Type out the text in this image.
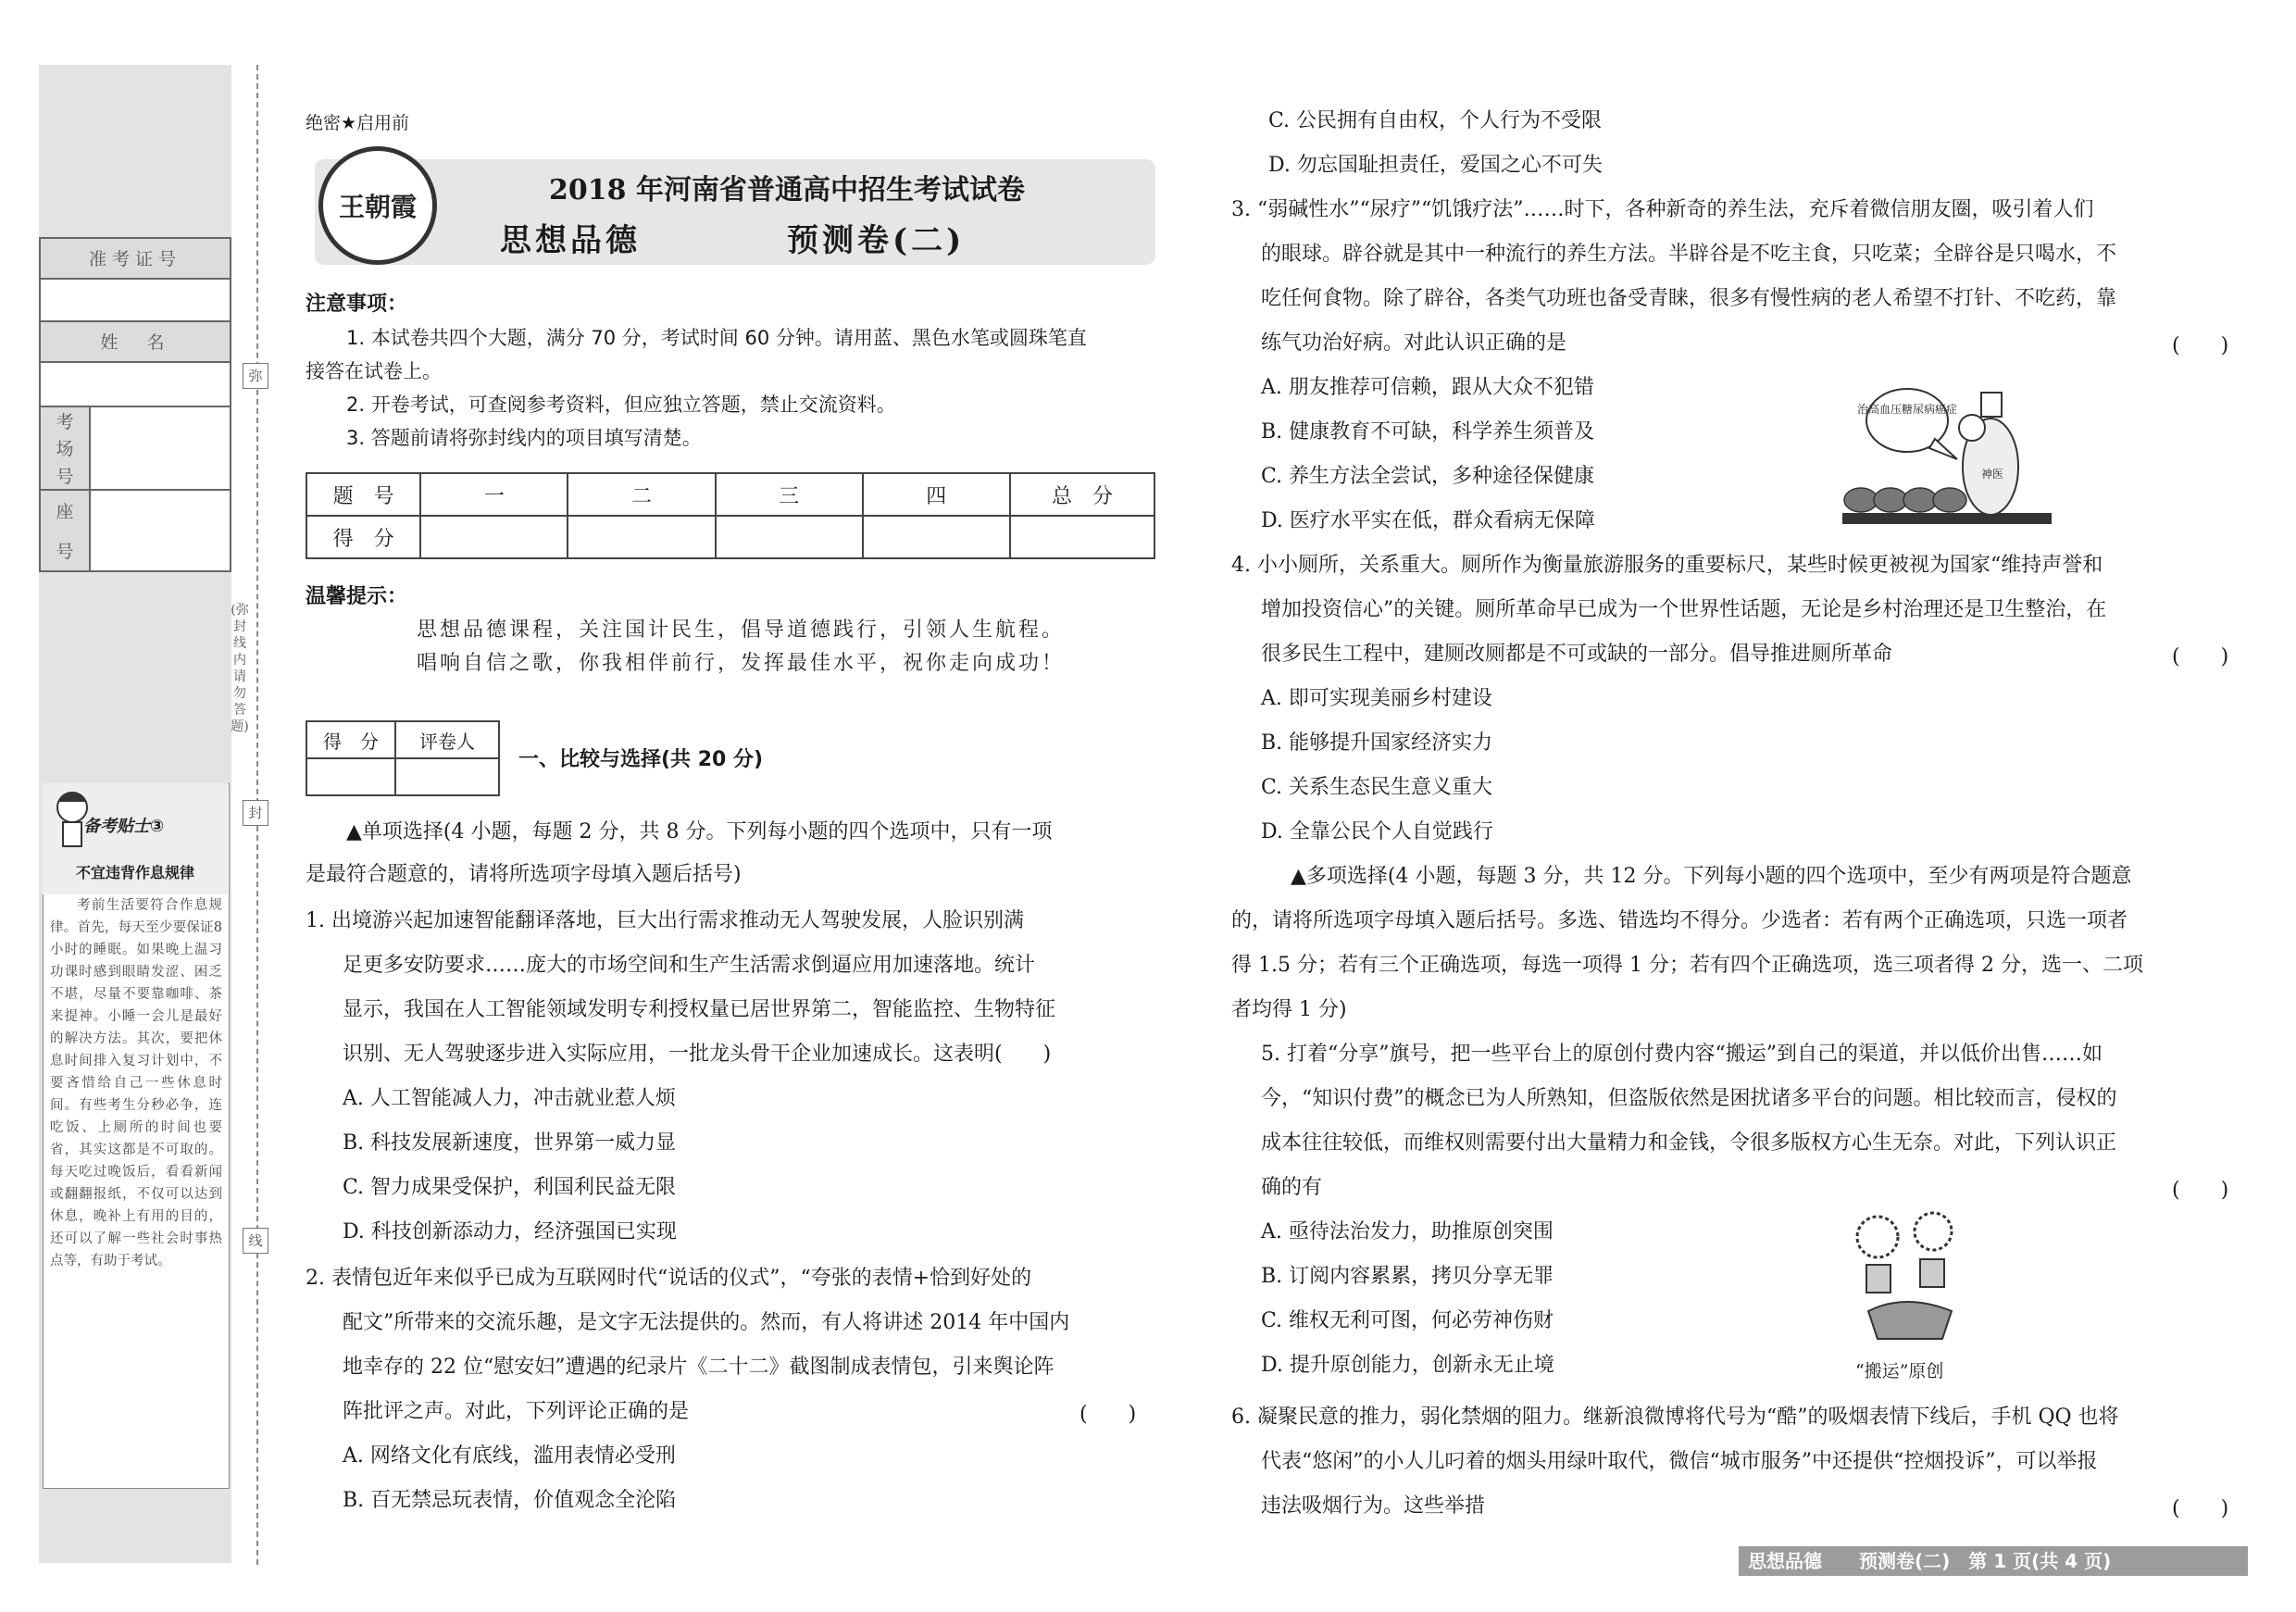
准考证号
姓　名
考
场
号
座
号
备考贴士③
不宜违背作息规律
考前生活要符合作息规律。首先，每天至少要保证8小时的睡眠。如果晚上温习功课时感到眼睛发涩、困乏不堪，尽量不要靠咖啡、茶来提神。小睡一会儿是最好的解决方法。其次，要把休息时间排入复习计划中，不要吝惜给自己一些休息时间。有些考生分秒必争，连吃饭、上厕所的时间也要省，其实这都是不可取的。每天吃过晚饭后，看看新闻或翻翻报纸，不仅可以达到休息，晚补上有用的目的，还可以了解一些社会时事热点等，有助于考试。
弥
封
线
(弥封线内请勿答题)
绝密★启用前
王朝霞
2018 年河南省普通高中招生考试试卷
思想品德	预测卷(二)
注意事项：
1. 本试卷共四个大题，满分 70 分，考试时间 60 分钟。请用蓝、黑色水笔或圆珠笔直
接答在试卷上。
2. 开卷考试，可查阅参考资料，但应独立答题，禁止交流资料。
3. 答题前请将弥封线内的项目填写清楚。
题　号	一	二	三	四	总　分
得　分					
温馨提示：
思想品德课程，关注国计民生，倡导道德践行，引领人生航程。
唱响自信之歌，你我相伴前行，发挥最佳水平，祝你走向成功！
得　分	评卷人

一、比较与选择(共 20 分)
▲单项选择(4 小题，每题 2 分，共 8 分。下列每小题的四个选项中，只有一项
是最符合题意的，请将所选项字母填入题后括号)
1. 出境游兴起加速智能翻译落地，巨大出行需求推动无人驾驶发展，人脸识别满
足更多安防要求……庞大的市场空间和生产生活需求倒逼应用加速落地。统计
显示，我国在人工智能领域发明专利授权量已居世界第二，智能监控、生物特征
识别、无人驾驶逐步进入实际应用，一批龙头骨干企业加速成长。这表明(　　)
A. 人工智能减人力，冲击就业惹人烦
B. 科技发展新速度，世界第一威力显
C. 智力成果受保护，利国利民益无限
D. 科技创新添动力，经济强国已实现
2. 表情包近年来似乎已成为互联网时代“说话的仪式”，“夸张的表情+恰到好处的
配文”所带来的交流乐趣，是文字无法提供的。然而，有人将讲述 2014 年中国内
地幸存的 22 位“慰安妇”遭遇的纪录片《二十二》截图制成表情包，引来舆论阵
阵批评之声。对此，下列评论正确的是	(　　)
A. 网络文化有底线，滥用表情必受刑
B. 百无禁忌玩表情，价值观念全沦陷
C. 公民拥有自由权，个人行为不受限
D. 勿忘国耻担责任，爱国之心不可失
3. “弱碱性水”“尿疗”“饥饿疗法”……时下，各种新奇的养生法，充斥着微信朋友圈，吸引着人们
的眼球。辟谷就是其中一种流行的养生方法。半辟谷是不吃主食，只吃菜；全辟谷是只喝水，不
吃任何食物。除了辟谷，各类气功班也备受青睐，很多有慢性病的老人希望不打针、不吃药，靠
练气功治好病。对此认识正确的是	(　　)
A. 朋友推荐可信赖，跟从大众不犯错
B. 健康教育不可缺，科学养生须普及
C. 养生方法全尝试，多种途径保健康
D. 医疗水平实在低，群众看病无保障
治高血压糖尿病癌症
神医
4. 小小厕所，关系重大。厕所作为衡量旅游服务的重要标尺，某些时候更被视为国家“维持声誉和
增加投资信心”的关键。厕所革命早已成为一个世界性话题，无论是乡村治理还是卫生整治，在
很多民生工程中，建厕改厕都是不可或缺的一部分。倡导推进厕所革命	(　　)
A. 即可实现美丽乡村建设
B. 能够提升国家经济实力
C. 关系生态民生意义重大
D. 全靠公民个人自觉践行
▲多项选择(4 小题，每题 3 分，共 12 分。下列每小题的四个选项中，至少有两项是符合题意
的，请将所选项字母填入题后括号。多选、错选均不得分。少选者：若有两个正确选项，只选一项者
得 1.5 分；若有三个正确选项，每选一项得 1 分；若有四个正确选项，选三项者得 2 分，选一、二项
者均得 1 分)
5. 打着“分享”旗号，把一些平台上的原创付费内容“搬运”到自己的渠道，并以低价出售……如
今，“知识付费”的概念已为人所熟知，但盗版依然是困扰诸多平台的问题。相比较而言，侵权的
成本往往较低，而维权则需要付出大量精力和金钱，令很多版权方心生无奈。对此，下列认识正
确的有	(　　)
A. 亟待法治发力，助推原创突围
B. 订阅内容累累，拷贝分享无罪
C. 维权无利可图，何必劳神伤财
D. 提升原创能力，创新永无止境	“搬运”原创
6. 凝聚民意的推力，弱化禁烟的阻力。继新浪微博将代号为“酷”的吸烟表情下线后，手机 QQ 也将
代表“悠闲”的小人儿叼着的烟头用绿叶取代，微信“城市服务”中还提供“控烟投诉”，可以举报
违法吸烟行为。这些举措	(　　)
思想品德　　预测卷(二)　第 1 页(共 4 页)
